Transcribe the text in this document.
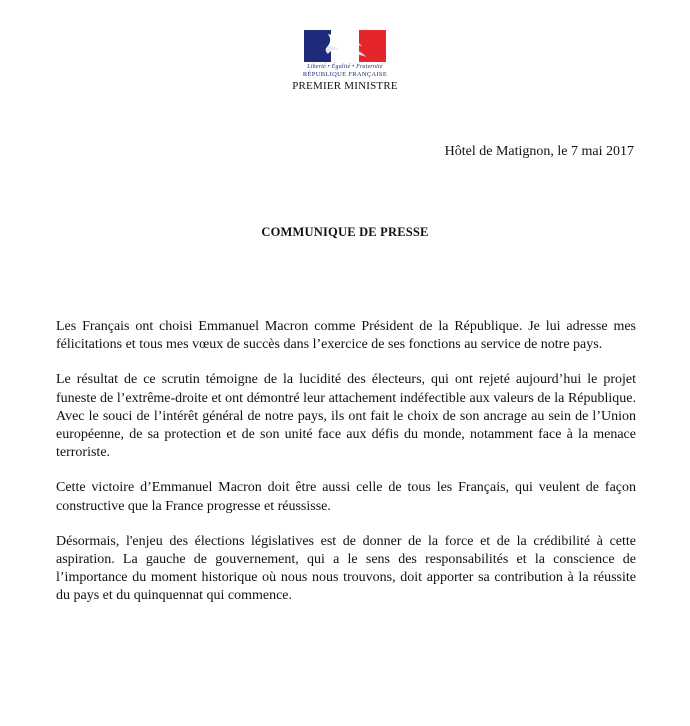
Liberté • Égalité • Fraternité
RÉPUBLIQUE FRANÇAISE
PREMIER MINISTRE
Hôtel de Matignon, le 7 mai 2017
COMMUNIQUE DE PRESSE

Les Français ont choisi Emmanuel Macron comme Président de la République. Je lui adresse mes félicitations et tous mes vœux de succès dans l’exercice de ses fonctions au service de notre pays.

Le résultat de ce scrutin témoigne de la lucidité des électeurs, qui ont rejeté aujourd’hui le projet funeste de l’extrême-droite et ont démontré leur attachement indéfectible aux valeurs de la République. Avec le souci de l’intérêt général de notre pays, ils ont fait le choix de son ancrage au sein de l’Union européenne, de sa protection et de son unité face aux défis du monde, notamment face à la menace terroriste.

Cette victoire d’Emmanuel Macron doit être aussi celle de tous les Français, qui veulent de façon constructive que la France progresse et réussisse.

Désormais, l'enjeu des élections législatives est de donner de la force et de la crédibilité à cette aspiration. La gauche de gouvernement, qui a le sens des responsabilités et la conscience de l’importance du moment historique où nous nous trouvons, doit apporter sa contribution à la réussite du pays et du quinquennat qui commence.
